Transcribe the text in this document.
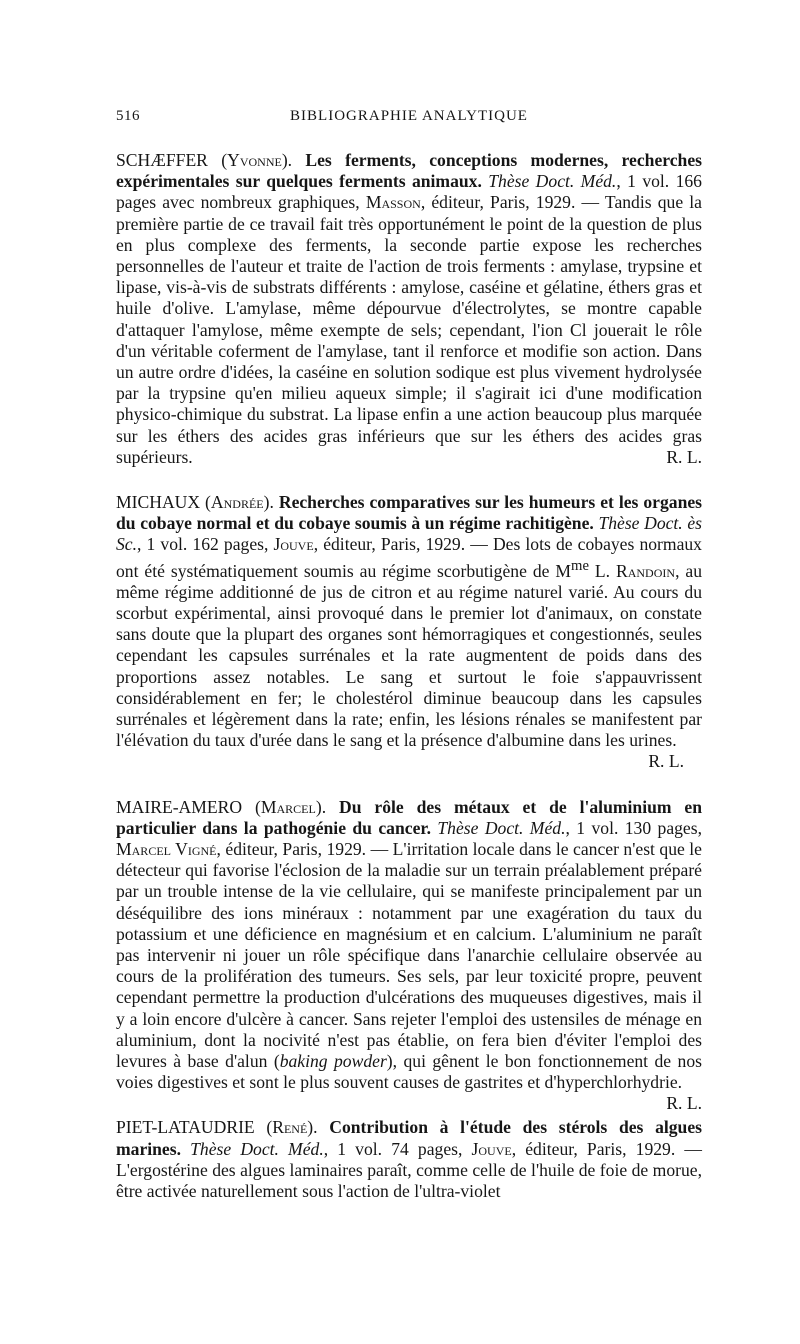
516	BIBLIOGRAPHIE ANALYTIQUE

SCHÆFFER (Yvonne). Les ferments, conceptions modernes, recherches expérimentales sur quelques ferments animaux. Thèse Doct. Méd., 1 vol. 166 pages avec nombreux graphiques, Masson, éditeur, Paris, 1929. — Tandis que la première partie de ce travail fait très opportunément le point de la question de plus en plus complexe des ferments, la seconde partie expose les recherches personnelles de l'auteur et traite de l'action de trois ferments : amylase, trypsine et lipase, vis-à-vis de substrats différents : amylose, caséine et gélatine, éthers gras et huile d'olive. L'amylase, même dépourvue d'électrolytes, se montre capable d'attaquer l'amylose, même exempte de sels; cependant, l'ion Cl jouerait le rôle d'un véritable coferment de l'amylase, tant il renforce et modifie son action. Dans un autre ordre d'idées, la caséine en solution sodique est plus vivement hydrolysée par la trypsine qu'en milieu aqueux simple; il s'agirait ici d'une modification physico-chimique du substrat. La lipase enfin a une action beaucoup plus marquée sur les éthers des acides gras inférieurs que sur les éthers des acides gras supérieurs.	R. L.

MICHAUX (Andrée). Recherches comparatives sur les humeurs et les organes du cobaye normal et du cobaye soumis à un régime rachitigène. Thèse Doct. ès Sc., 1 vol. 162 pages, Jouve, éditeur, Paris, 1929. — Des lots de cobayes normaux ont été systématiquement soumis au régime scorbutigène de $M^{me}$ L. Randoin, au même régime additionné de jus de citron et au régime naturel varié. Au cours du scorbut expérimental, ainsi provoqué dans le premier lot d'animaux, on constate sans doute que la plupart des organes sont hémorragiques et congestionnés, seules cependant les capsules surrénales et la rate augmentent de poids dans des proportions assez notables. Le sang et surtout le foie s'appauvrissent considérablement en fer; le cholestérol diminue beaucoup dans les capsules surrénales et légèrement dans la rate; enfin, les lésions rénales se manifestent par l'élévation du taux d'urée dans le sang et la présence d'albumine dans les urines.
R. L.

MAIRE-AMERO (Marcel). Du rôle des métaux et de l'aluminium en particulier dans la pathogénie du cancer. Thèse Doct. Méd., 1 vol. 130 pages, Marcel Vigné, éditeur, Paris, 1929. — L'irritation locale dans le cancer n'est que le détecteur qui favorise l'éclosion de la maladie sur un terrain préalablement préparé par un trouble intense de la vie cellulaire, qui se manifeste principalement par un déséquilibre des ions minéraux : notamment par une exagération du taux du potassium et une déficience en magnésium et en calcium. L'aluminium ne paraît pas intervenir ni jouer un rôle spécifique dans l'anarchie cellulaire observée au cours de la prolifération des tumeurs. Ses sels, par leur toxicité propre, peuvent cependant permettre la production d'ulcérations des muqueuses digestives, mais il y a loin encore d'ulcère à cancer. Sans rejeter l'emploi des ustensiles de ménage en aluminium, dont la nocivité n'est pas établie, on fera bien d'éviter l'emploi des levures à base d'alun (baking powder), qui gênent le bon fonctionnement de nos voies digestives et sont le plus souvent causes de gastrites et d'hyperchlorhydrie.
R. L.

PIET-LATAUDRIE (René). Contribution à l'étude des stérols des algues marines. Thèse Doct. Méd., 1 vol. 74 pages, Jouve, éditeur, Paris, 1929. — L'ergostérine des algues laminaires paraît, comme celle de l'huile de foie de morue, être activée naturellement sous l'action de l'ultra-violet
